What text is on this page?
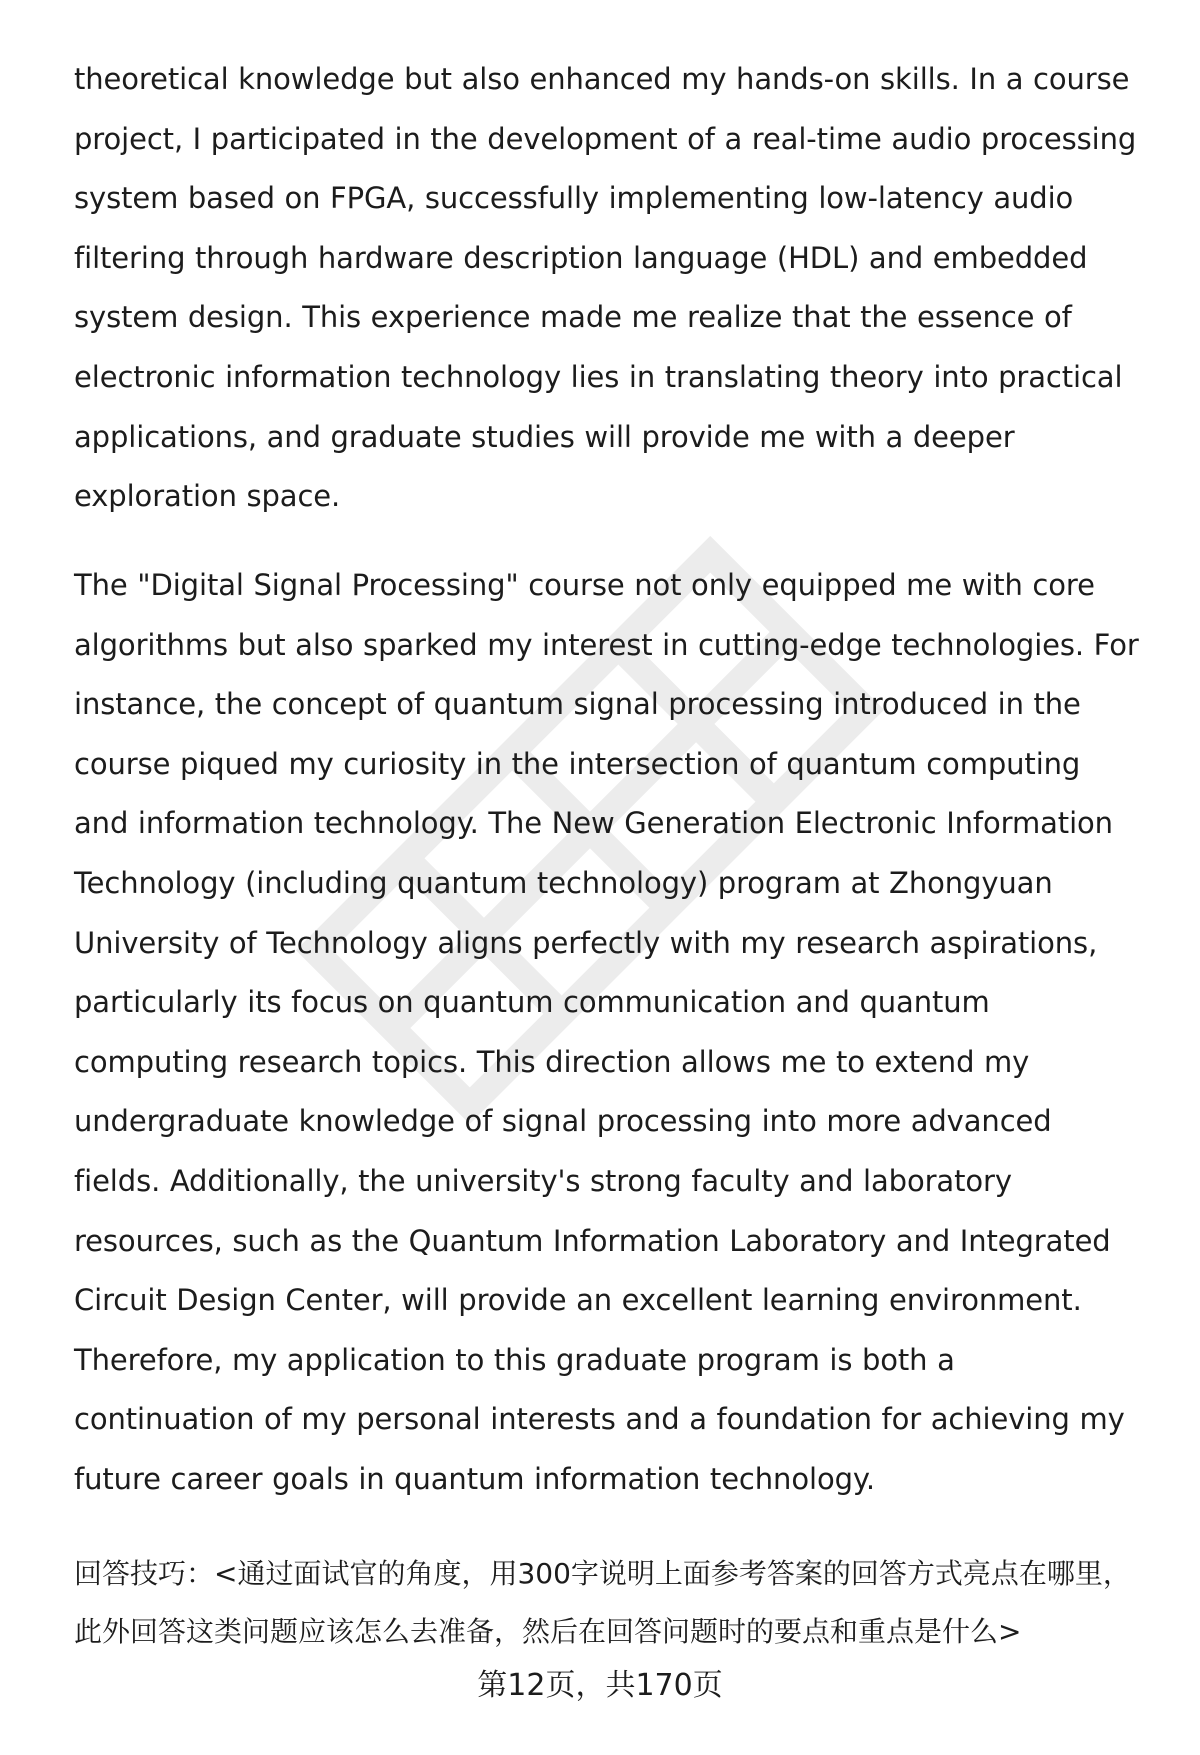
theoretical knowledge but also enhanced my hands-on skills. In a course project, I participated in the development of a real-time audio processing system based on FPGA, successfully implementing low-latency audio filtering through hardware description language (HDL) and embedded system design. This experience made me realize that the essence of electronic information technology lies in translating theory into practical applications, and graduate studies will provide me with a deeper exploration space.
The "Digital Signal Processing" course not only equipped me with core algorithms but also sparked my interest in cutting-edge technologies. For instance, the concept of quantum signal processing introduced in the course piqued my curiosity in the intersection of quantum computing and information technology. The New Generation Electronic Information Technology (including quantum technology) program at Zhongyuan University of Technology aligns perfectly with my research aspirations, particularly its focus on quantum communication and quantum computing research topics. This direction allows me to extend my undergraduate knowledge of signal processing into more advanced fields. Additionally, the university's strong faculty and laboratory resources, such as the Quantum Information Laboratory and Integrated Circuit Design Center, will provide an excellent learning environment. Therefore, my application to this graduate program is both a continuation of my personal interests and a foundation for achieving my future career goals in quantum information technology.
回答技巧：<通过面试官的角度，用300字说明上面参考答案的回答方式亮点在哪里，此外回答这类问题应该怎么去准备，然后在回答问题时的要点和重点是什么>
第12页，共170页
